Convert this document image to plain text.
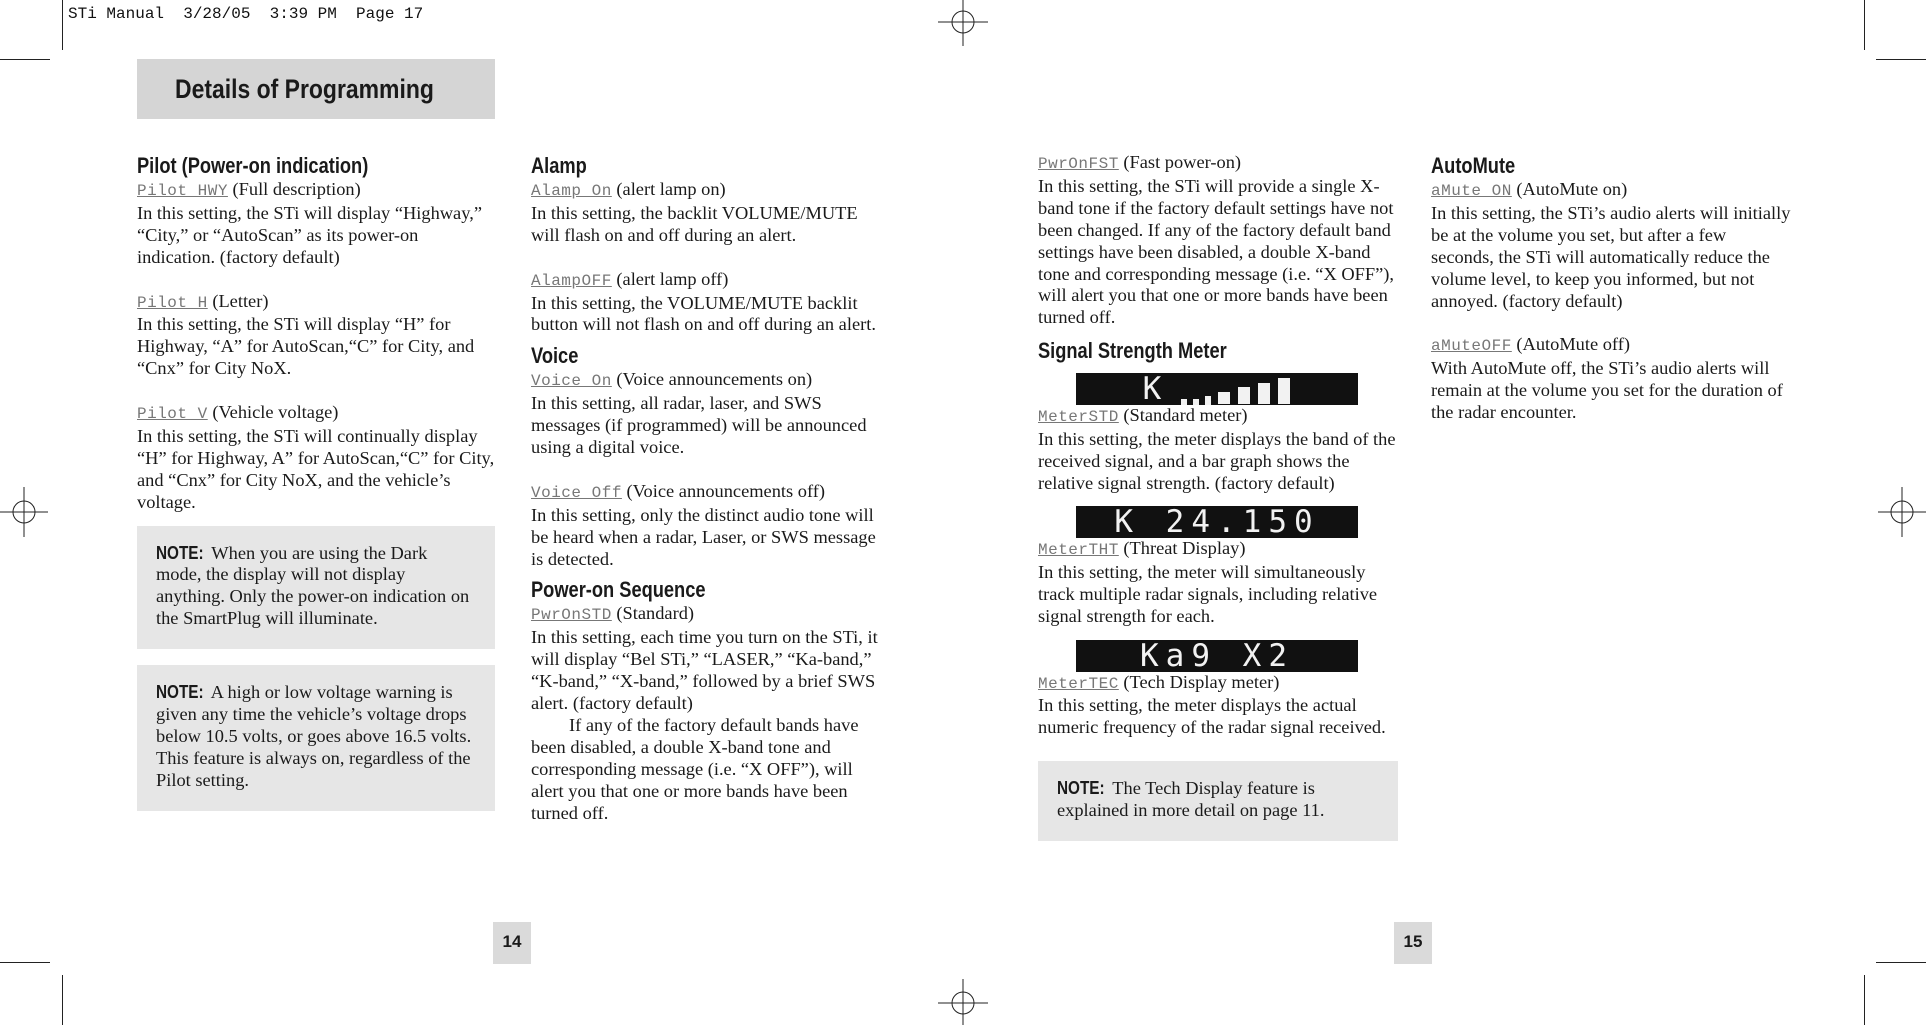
STi Manual  3/28/05  3:39 PM  Page 17
Details of Programming
Pilot (Power-on indication)

Pilot HWY (Full description)

In this setting, the STi will display “Highway,” “City,” or “AutoScan” as its power-on indication. (factory default)

Pilot H (Letter)

In this setting, the STi will display “H” for Highway, “A” for AutoScan,“C” for City, and “Cnx” for City NoX.

Pilot V (Vehicle voltage)

In this setting, the STi will continually display “H” for Highway, A” for AutoScan,“C” for City, and “Cnx” for City NoX, and the vehicle’s voltage.

NOTE: When you are using the Dark mode, the display will not display anything. Only the power-on indication on the SmartPlug will illuminate.
NOTE: A high or low voltage warning is given any time the vehicle’s voltage drops below 10.5 volts, or goes above 16.5 volts. This feature is always on, regardless of the Pilot setting.
Alamp

Alamp On (alert lamp on)

In this setting, the backlit VOLUME/MUTE will flash on and off during an alert.

AlampOFF (alert lamp off)

In this setting, the VOLUME/MUTE backlit button will not flash on and off during an alert.

Voice

Voice On (Voice announcements on)

In this setting, all radar, laser, and SWS messages (if programmed) will be announced using a digital voice.

Voice Off (Voice announcements off)

In this setting, only the distinct audio tone will be heard when a radar, Laser, or SWS message is detected.

Power-on Sequence

PwrOnSTD (Standard)

In this setting, each time you turn on the STi, it will display “Bel STi,” “LASER,” “Ka-band,” “K-band,” “X-band,” followed by a brief SWS alert. (factory default)

If any of the factory default bands have been disabled, a double X-band tone and corresponding message (i.e. “X OFF”), will alert you that one or more bands have been turned off.

PwrOnFST (Fast power-on)

In this setting, the STi will provide a single X-band tone if the factory default settings have not been changed. If any of the factory default band settings have been disabled, a double X-band tone and corresponding message (i.e. “X OFF”), will alert you that one or more bands have been turned off.

Signal Strength Meter
K

MeterSTD (Standard meter)

In this setting, the meter displays the band of the received signal, and a bar graph shows the relative signal strength. (factory default)

K 24.150

MeterTHT (Threat Display)

In this setting, the meter will simultaneously track multiple radar signals, including relative signal strength for each.

Ka9 X2

MeterTEC (Tech Display meter)

In this setting, the meter displays the actual numeric frequency of the radar signal received.

NOTE: The Tech Display feature is explained in more detail on page 11.
AutoMute

aMute ON (AutoMute on)

In this setting, the STi’s audio alerts will initially be at the volume you set, but after a few seconds, the STi will automatically reduce the volume level, to keep you informed, but not annoyed. (factory default)

aMuteOFF (AutoMute off)

With AutoMute off, the STi’s audio alerts will remain at the volume you set for the duration of the radar encounter.

14	15
